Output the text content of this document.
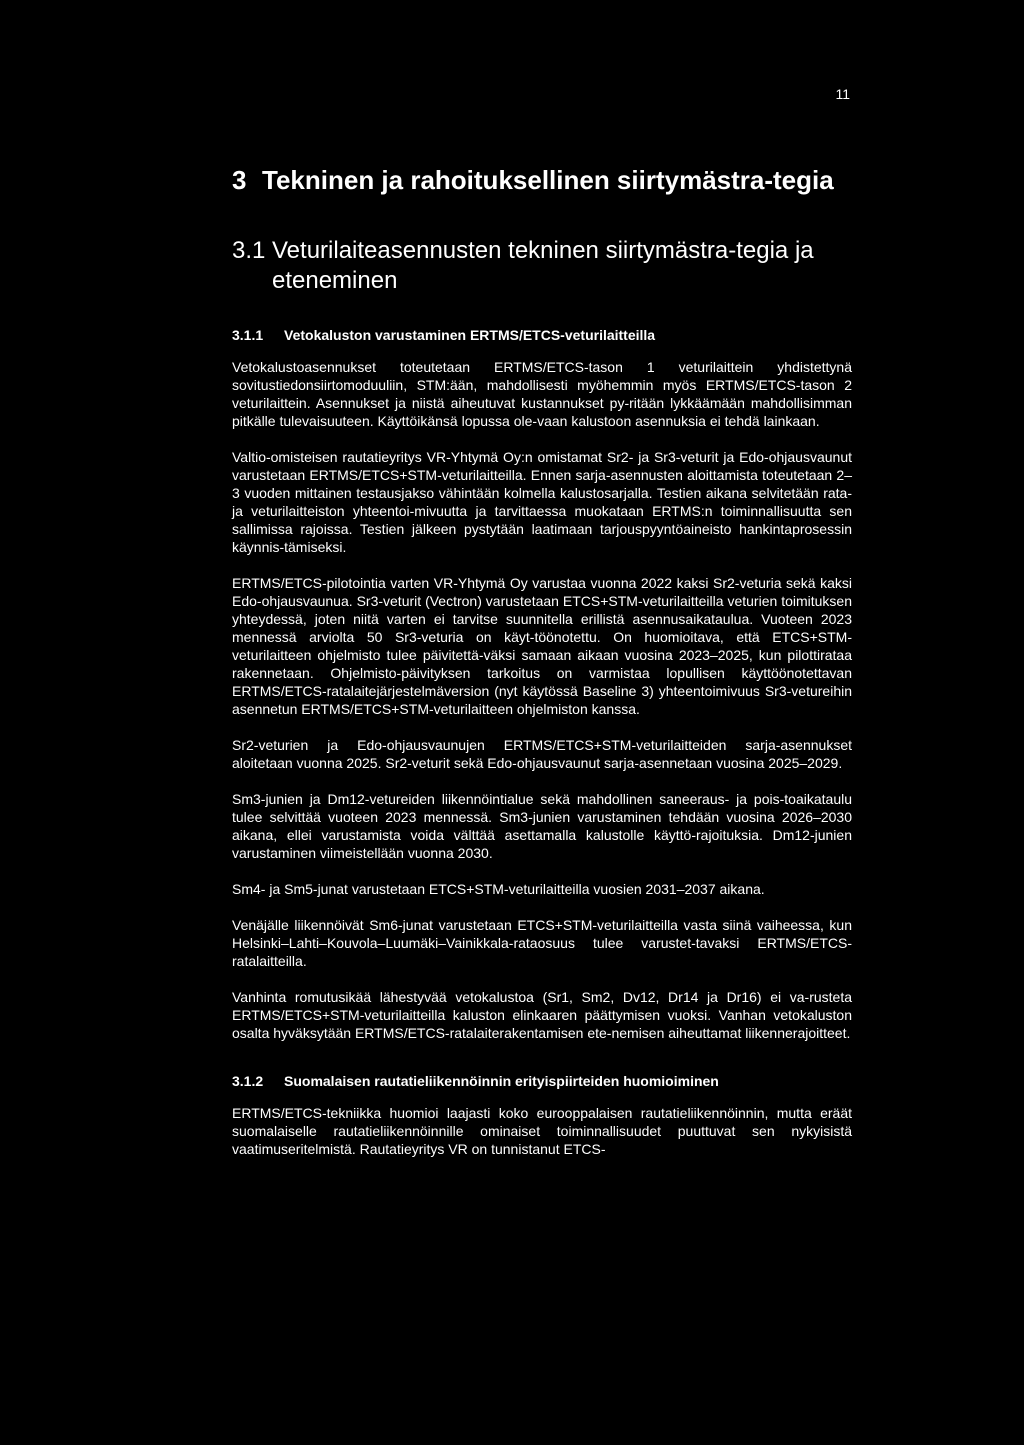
11
3 Tekninen ja rahoituksellinen siirtymästra-tegia
3.1 Veturilaiteasennusten tekninen siirtymästra-tegia ja eteneminen
3.1.1	Vetokaluston varustaminen ERTMS/ETCS-veturilaitteilla

Vetokalustoasennukset toteutetaan ERTMS/ETCS-tason 1 veturilaittein yhdistettynä sovitustiedonsiirtomoduuliin, STM:ään, mahdollisesti myöhemmin myös ERTMS/ETCS-tason 2 veturilaittein. Asennukset ja niistä aiheutuvat kustannukset py-ritään lykkäämään mahdollisimman pitkälle tulevaisuuteen. Käyttöikänsä lopussa ole-vaan kalustoon asennuksia ei tehdä lainkaan.

Valtio-omisteisen rautatieyritys VR-Yhtymä Oy:n omistamat Sr2- ja Sr3-veturit ja Edo-ohjausvaunut varustetaan ERTMS/ETCS+STM-veturilaitteilla. Ennen sarja-asennusten aloittamista toteutetaan 2–3 vuoden mittainen testausjakso vähintään kolmella kalustosarjalla. Testien aikana selvitetään rata- ja veturilaitteiston yhteentoi-mivuutta ja tarvittaessa muokataan ERTMS:n toiminnallisuutta sen sallimissa rajoissa. Testien jälkeen pystytään laatimaan tarjouspyyntöaineisto hankintaprosessin käynnis-tämiseksi.

ERTMS/ETCS-pilotointia varten VR-Yhtymä Oy varustaa vuonna 2022 kaksi Sr2-veturia sekä kaksi Edo-ohjausvaunua. Sr3-veturit (Vectron) varustetaan ETCS+STM-veturilaitteilla veturien toimituksen yhteydessä, joten niitä varten ei tarvitse suunnitella erillistä asennusaikataulua. Vuoteen 2023 mennessä arviolta 50 Sr3-veturia on käyt-töönotettu. On huomioitava, että ETCS+STM-veturilaitteen ohjelmisto tulee päivitettä-väksi samaan aikaan vuosina 2023–2025, kun pilottirataa rakennetaan. Ohjelmisto-päivityksen tarkoitus on varmistaa lopullisen käyttöönotettavan ERTMS/ETCS-ratalaitejärjestelmäversion (nyt käytössä Baseline 3) yhteentoimivuus Sr3-vetureihin asennetun ERTMS/ETCS+STM-veturilaitteen ohjelmiston kanssa.

Sr2-veturien ja Edo-ohjausvaunujen ERTMS/ETCS+STM-veturilaitteiden sarja-asennukset aloitetaan vuonna 2025. Sr2-veturit sekä Edo-ohjausvaunut sarja-asennetaan vuosina 2025–2029.

Sm3-junien ja Dm12-vetureiden liikennöintialue sekä mahdollinen saneeraus- ja pois-toaikataulu tulee selvittää vuoteen 2023 mennessä. Sm3-junien varustaminen tehdään vuosina 2026–2030 aikana, ellei varustamista voida välttää asettamalla kalustolle käyttö-rajoituksia. Dm12-junien varustaminen viimeistellään vuonna 2030.

Sm4- ja Sm5-junat varustetaan ETCS+STM-veturilaitteilla vuosien 2031–2037 aikana.

Venäjälle liikennöivät Sm6-junat varustetaan ETCS+STM-veturilaitteilla vasta siinä vaiheessa, kun Helsinki–Lahti–Kouvola–Luumäki–Vainikkala-rataosuus tulee varustet-tavaksi ERTMS/ETCS-ratalaitteilla.

Vanhinta romutusikää lähestyvää vetokalustoa (Sr1, Sm2, Dv12, Dr14 ja Dr16) ei va-rusteta ERTMS/ETCS+STM-veturilaitteilla kaluston elinkaaren päättymisen vuoksi. Vanhan vetokaluston osalta hyväksytään ERTMS/ETCS-ratalaiterakentamisen ete-nemisen aiheuttamat liikennerajoitteet.

3.1.2	Suomalaisen rautatieliikennöinnin erityispiirteiden huomioiminen

ERTMS/ETCS-tekniikka huomioi laajasti koko eurooppalaisen rautatieliikennöinnin, mutta eräät suomalaiselle rautatieliikennöinnille ominaiset toiminnallisuudet puuttuvat sen nykyisistä vaatimuseritelmistä. Rautatieyritys VR on tunnistanut ETCS-
